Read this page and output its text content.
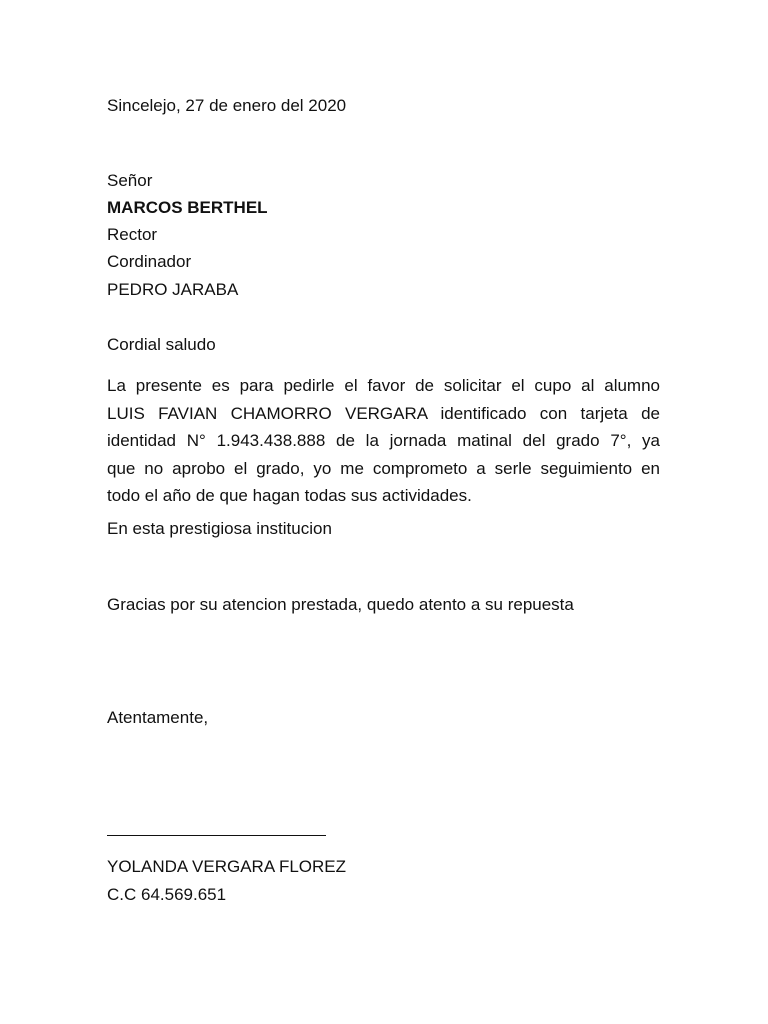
Sincelejo, 27 de enero del 2020
Señor
MARCOS BERTHEL
Rector
Cordinador
PEDRO JARABA
Cordial saludo
La presente es para pedirle el favor de solicitar el cupo al alumno
LUIS FAVIAN CHAMORRO VERGARA identificado con tarjeta de
identidad N° 1.943.438.888 de la jornada matinal del grado 7°, ya
que no aprobo el grado, yo me comprometo a serle seguimiento en
todo el año de que hagan todas sus actividades.
En esta prestigiosa institucion
Gracias por su atencion prestada, quedo atento a su repuesta
Atentamente,
YOLANDA VERGARA FLOREZ
C.C 64.569.651
